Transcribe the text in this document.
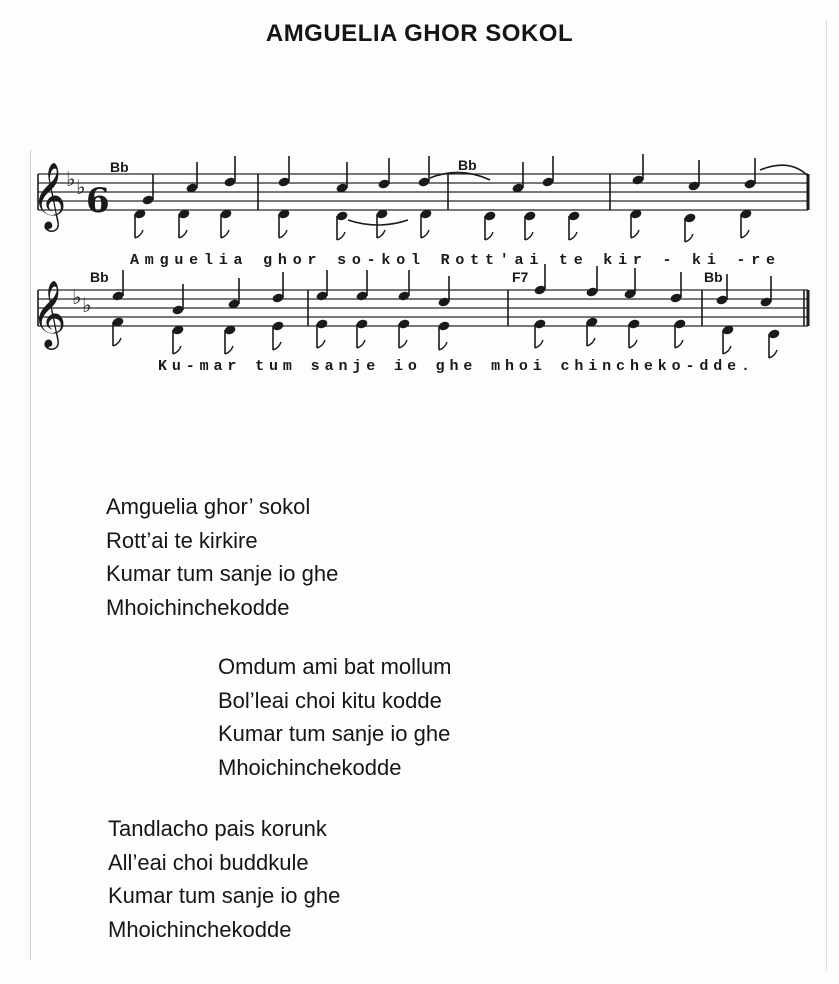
AMGUELIA GHOR SOKOL
𝄞 ♭ ♭ 6
𝄞 ♭ ♭
Bb	Bb
Bb	F7	Bb
Amguelia ghor so-kol Rott'ai te kir - ki -re
Ku-mar tum sanje io ghe mhoi chincheko-dde.
Amguelia ghor’ sokol
Rott’ai te kirkire
Kumar tum sanje io ghe
Mhoichinchekodde
Omdum ami bat mollum
Bol’leai choi kitu kodde
Kumar tum sanje io ghe
Mhoichinchekodde
Tandlacho pais korunk
All’eai choi buddkule
Kumar tum sanje io ghe
Mhoichinchekodde
